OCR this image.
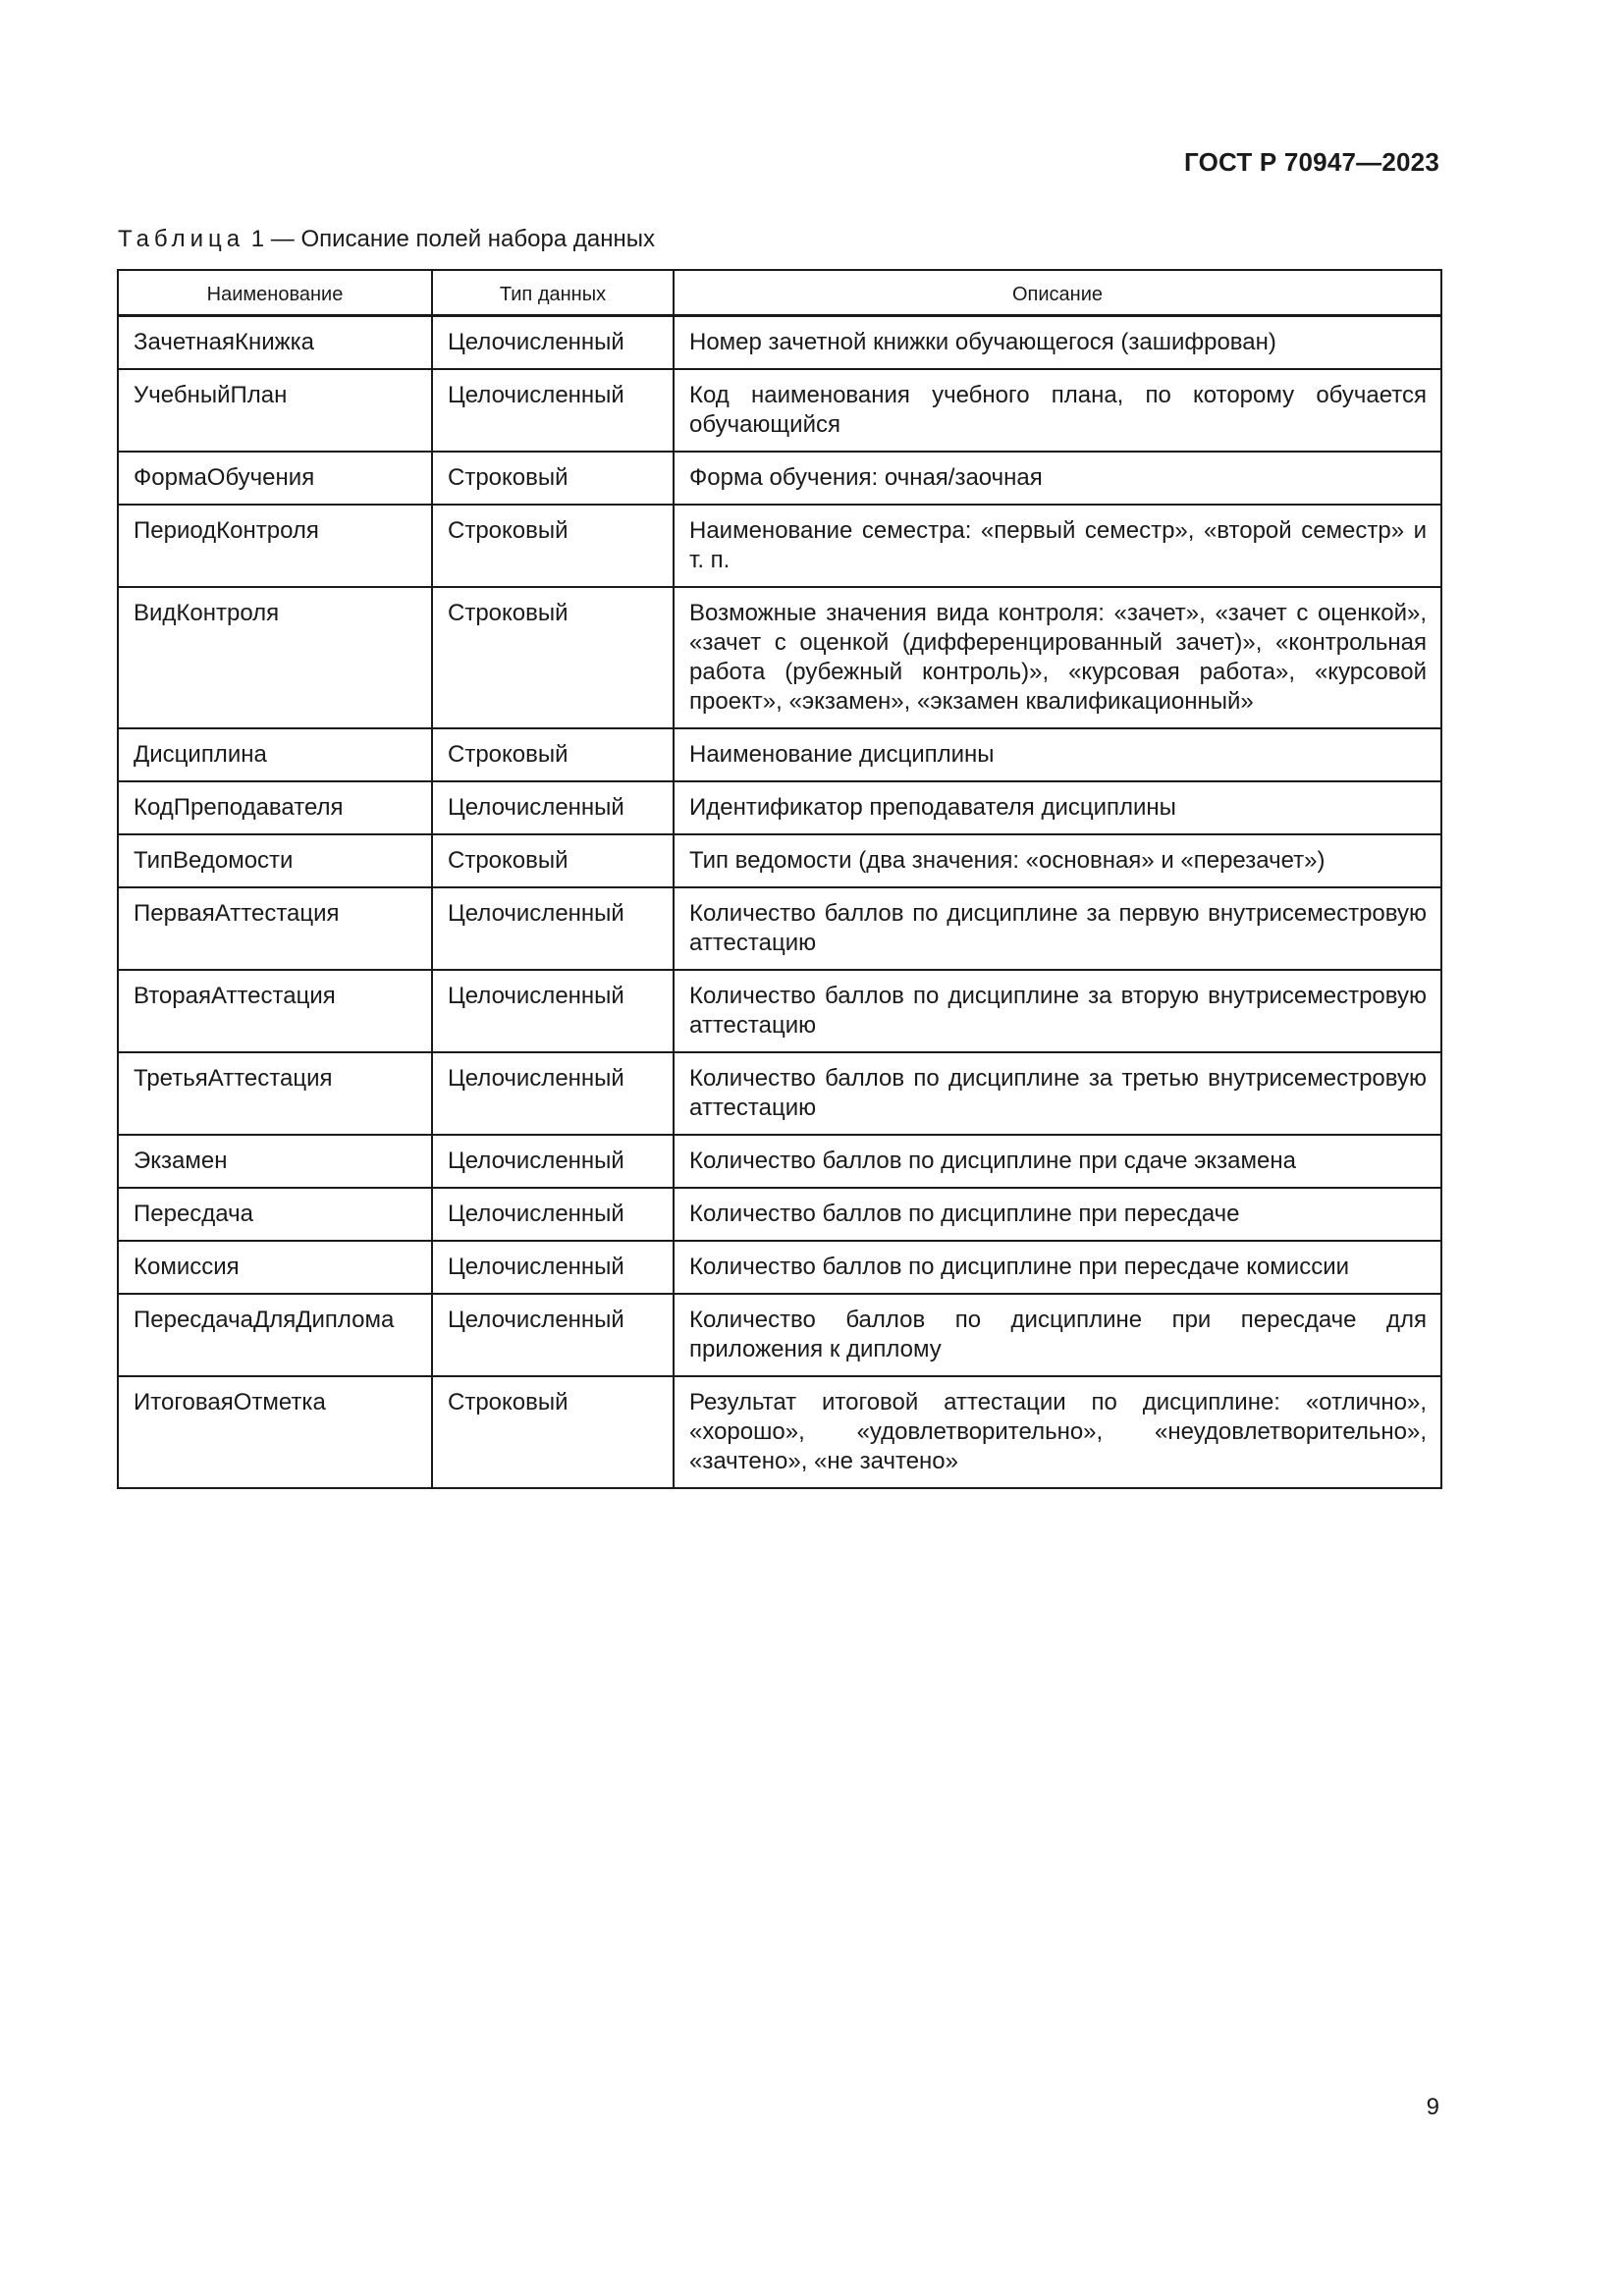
ГОСТ Р 70947—2023
Таблица 1 — Описание полей набора данных
Наименование	Тип данных	Описание
ЗачетнаяКнижка	Целочисленный	Номер зачетной книжки обучающегося (зашифрован)
УчебныйПлан	Целочисленный	Код наименования учебного плана, по которому обучается обучающийся
ФормаОбучения	Строковый	Форма обучения: очная/заочная
ПериодКонтроля	Строковый	Наименование семестра: «первый семестр», «второй семестр» и т. п.
ВидКонтроля	Строковый	Возможные значения вида контроля: «зачет», «зачет с оценкой», «зачет с оценкой (дифференцированный зачет)», «контрольная работа (рубежный контроль)», «курсовая работа», «курсовой проект», «экзамен», «экзамен квалификационный»
Дисциплина	Строковый	Наименование дисциплины
КодПреподавателя	Целочисленный	Идентификатор преподавателя дисциплины
ТипВедомости	Строковый	Тип ведомости (два значения: «основная» и «перезачет»)
ПерваяАттестация	Целочисленный	Количество баллов по дисциплине за первую внутрисеместровую аттестацию
ВтораяАттестация	Целочисленный	Количество баллов по дисциплине за вторую внутрисеместровую аттестацию
ТретьяАттестация	Целочисленный	Количество баллов по дисциплине за третью внутрисеместровую аттестацию
Экзамен	Целочисленный	Количество баллов по дисциплине при сдаче экзамена
Пересдача	Целочисленный	Количество баллов по дисциплине при пересдаче
Комиссия	Целочисленный	Количество баллов по дисциплине при пересдаче комиссии
ПересдачаДляДиплома	Целочисленный	Количество баллов по дисциплине при пересдаче для приложения к диплому
ИтоговаяОтметка	Строковый	Результат итоговой аттестации по дисциплине: «отлично», «хорошо», «удовлетворительно», «неудовлетворительно», «зачтено», «не зачтено»
9
